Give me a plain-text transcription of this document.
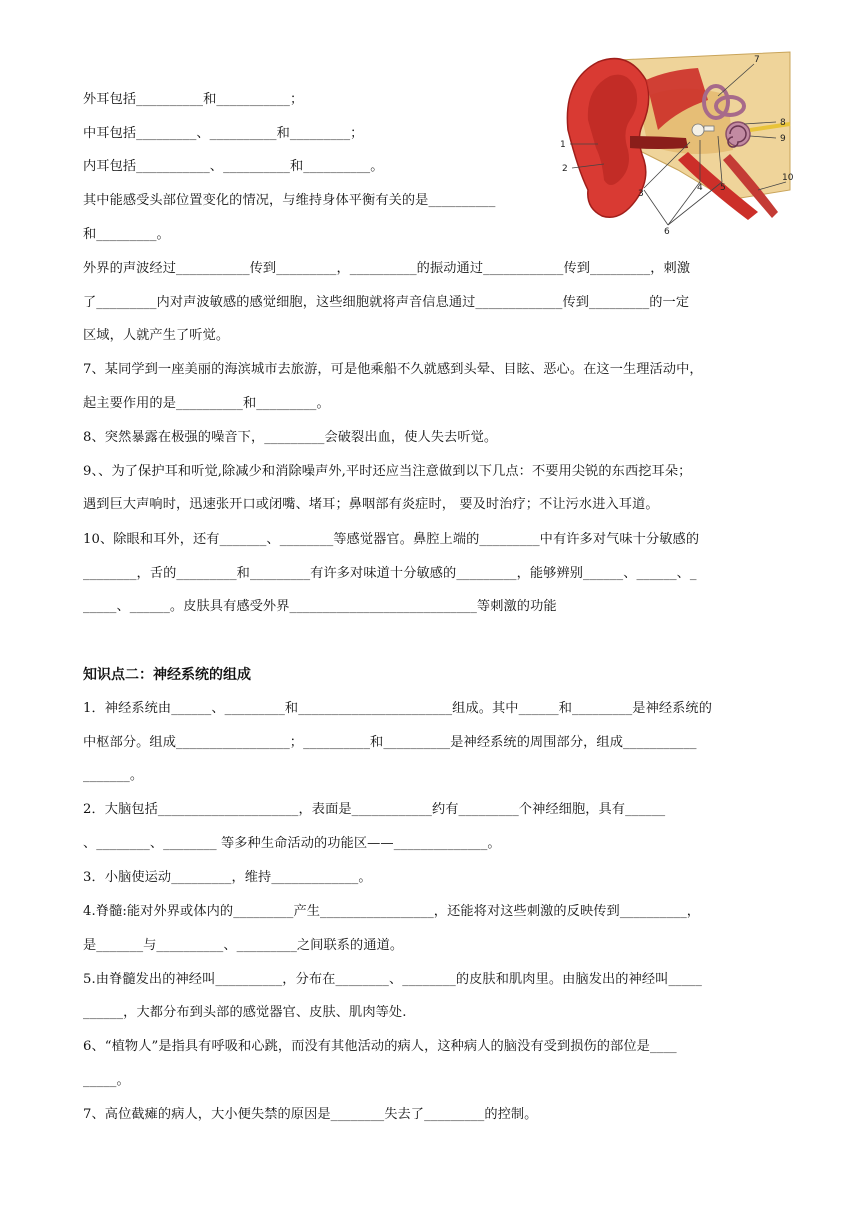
1
2
3
4 5
6
7
8
9
10
外耳包括__________和___________；
中耳包括_________、__________和_________；
内耳包括___________、__________和__________。
其中能感受头部位置变化的情况，与维持身体平衡有关的是__________
和_________。
外界的声波经过___________传到_________，__________的振动通过____________传到_________，刺激
了_________内对声波敏感的感觉细胞，这些细胞就将声音信息通过_____________传到_________的一定
区域，人就产生了听觉。
7、某同学到一座美丽的海滨城市去旅游，可是他乘船不久就感到头晕、目眩、恶心。在这一生理活动中，
起主要作用的是__________和_________。
8、突然暴露在极强的噪音下，_________会破裂出血，使人失去听觉。
9、、为了保护耳和听觉,除减少和消除噪声外,平时还应当注意做到以下几点：不要用尖锐的东西挖耳朵；
遇到巨大声响时，迅速张开口或闭嘴、堵耳；鼻咽部有炎症时， 要及时治疗；不让污水进入耳道。
10、除眼和耳外，还有_______、________等感觉器官。鼻腔上端的_________中有许多对气味十分敏感的
________，舌的_________和_________有许多对味道十分敏感的_________，能够辨别______、______、_
_____、______。皮肤具有感受外界____________________________等刺激的功能
知识点二：神经系统的组成
1．神经系统由______、_________和_______________________组成。其中______和_________是神经系统的
中枢部分。组成_________________；__________和__________是神经系统的周围部分，组成___________
_______。
2．大脑包括_____________________，表面是____________约有_________个神经细胞，具有______
、________、________ 等多种生命活动的功能区——______________。
3．小脑使运动_________，维持_____________。
4.脊髓:能对外界或体内的_________产生_________________，还能将对这些刺激的反映传到__________，
是_______与__________、_________之间联系的通道。
5.由脊髓发出的神经叫__________，分布在________、________的皮肤和肌肉里。由脑发出的神经叫_____
______，大都分布到头部的感觉器官、皮肤、肌肉等处.
6、“植物人”是指具有呼吸和心跳，而没有其他活动的病人，这种病人的脑没有受到损伤的部位是____
_____。
7、高位截瘫的病人，大小便失禁的原因是________失去了_________的控制。
